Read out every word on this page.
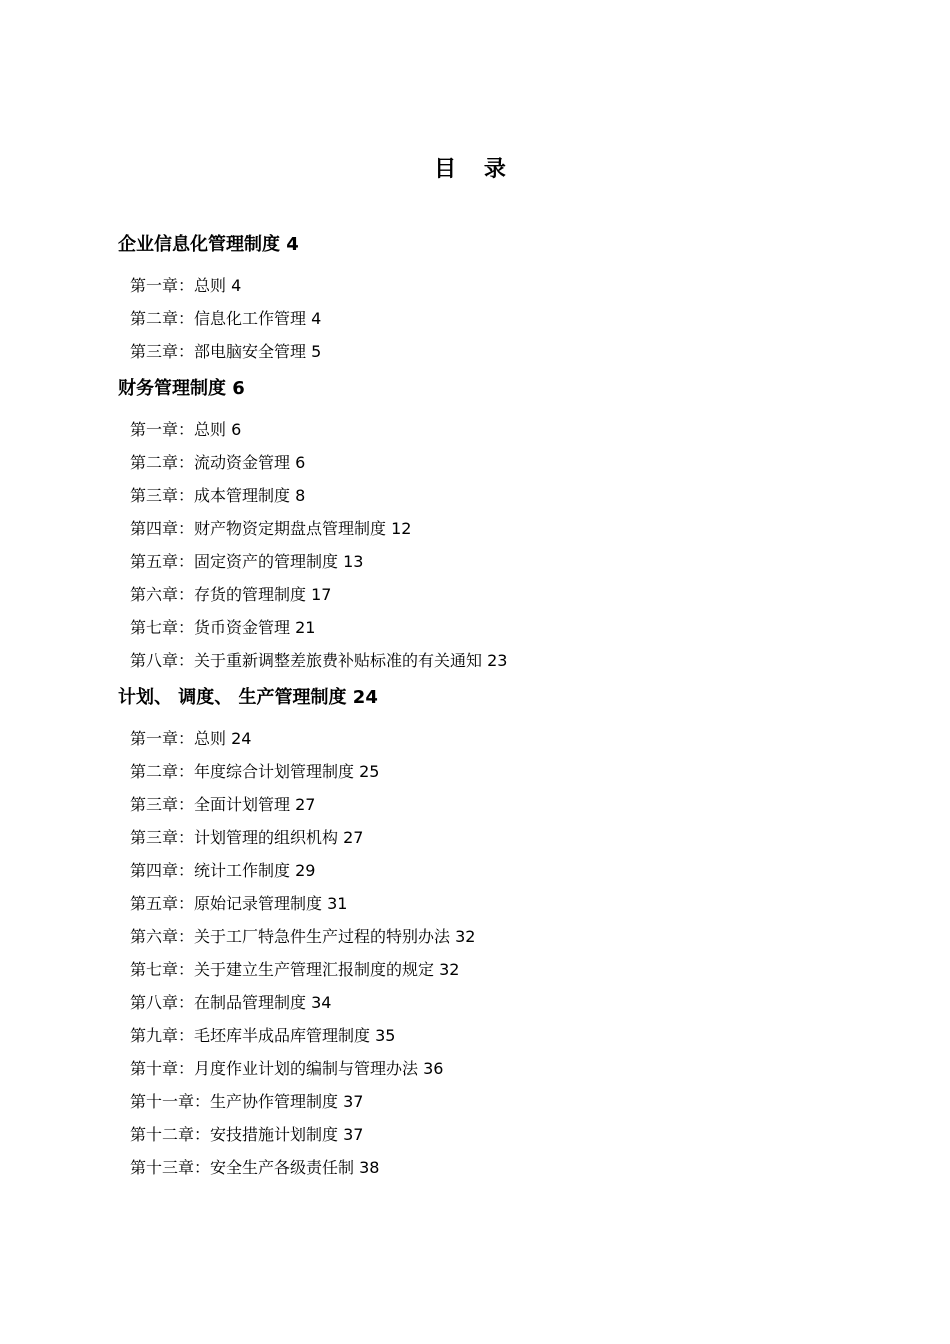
目 录
企业信息化管理制度 4
第一章：总则 4
第二章：信息化工作管理 4
第三章：部电脑安全管理 5
财务管理制度 6
第一章：总则 6
第二章：流动资金管理 6
第三章：成本管理制度 8
第四章：财产物资定期盘点管理制度 12
第五章：固定资产的管理制度 13
第六章：存货的管理制度 17
第七章：货币资金管理 21
第八章：关于重新调整差旅费补贴标准的有关通知 23
计划、 调度、 生产管理制度 24
第一章：总则 24
第二章：年度综合计划管理制度 25
第三章：全面计划管理 27
第三章：计划管理的组织机构 27
第四章：统计工作制度 29
第五章：原始记录管理制度 31
第六章：关于工厂特急件生产过程的特别办法 32
第七章：关于建立生产管理汇报制度的规定 32
第八章：在制品管理制度 34
第九章：毛坯库半成品库管理制度 35
第十章：月度作业计划的编制与管理办法 36
第十一章：生产协作管理制度 37
第十二章：安技措施计划制度 37
第十三章：安全生产各级责任制 38
